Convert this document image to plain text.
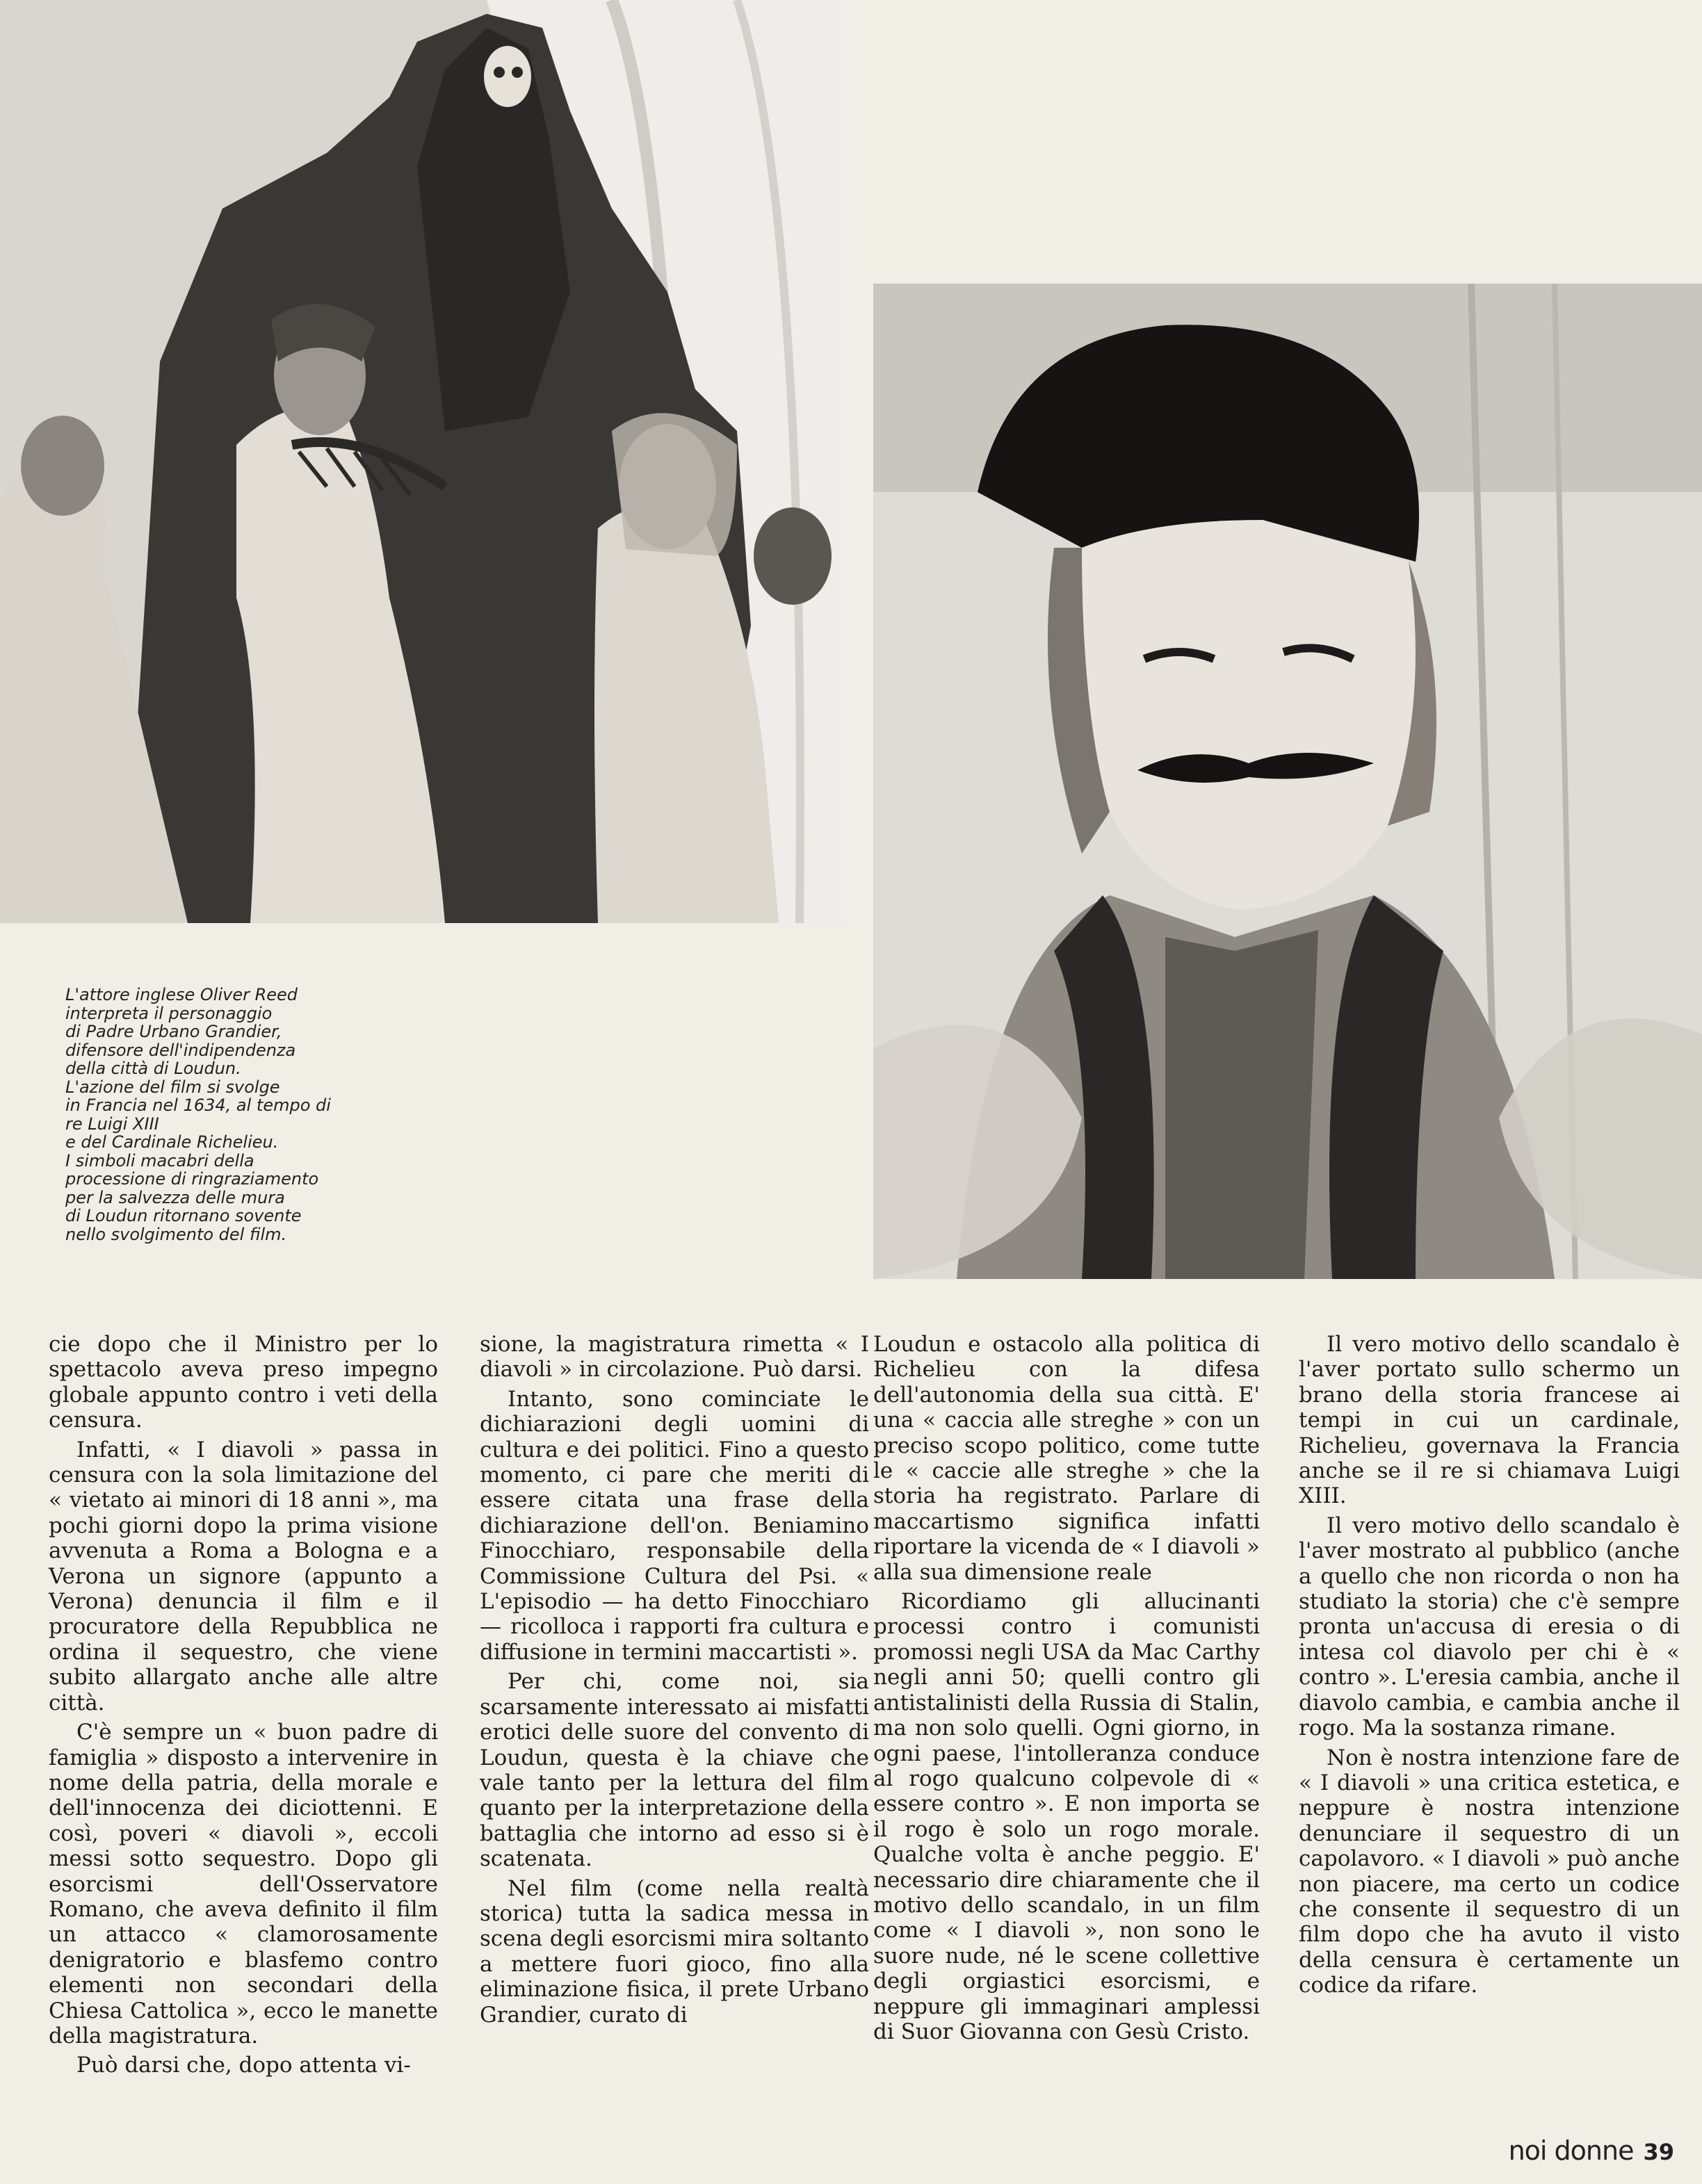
L'attore inglese Oliver Reed
interpreta il personaggio
di Padre Urbano Grandier,
difensore dell'indipendenza
della città di Loudun.
L'azione del film si svolge
in Francia nel 1634, al tempo di
re Luigi XIII
e del Cardinale Richelieu.
I simboli macabri della
processione di ringraziamento
per la salvezza delle mura
di Loudun ritornano sovente
nello svolgimento del film.

cie dopo che il Ministro per lo spettacolo aveva preso impegno globale appunto contro i veti della censura.

Infatti, « I diavoli » passa in censura con la sola limitazione del « vietato ai minori di 18 anni », ma pochi giorni dopo la prima visione avvenuta a Roma a Bologna e a Verona un signore (appunto a Verona) denuncia il film e il procuratore della Repubblica ne ordina il sequestro, che viene subito allargato anche alle altre città.

C'è sempre un « buon padre di famiglia » disposto a intervenire in nome della patria, della morale e dell'innocenza dei diciottenni. E così, poveri « diavoli », eccoli messi sotto sequestro. Dopo gli esorcismi dell'Osservatore Romano, che aveva definito il film un attacco « clamorosamente denigratorio e blasfemo contro elementi non secondari della Chiesa Cattolica », ecco le manette della magistratura.

Può darsi che, dopo attenta vi-

sione, la magistratura rimetta « I diavoli » in circolazione. Può darsi.

Intanto, sono cominciate le dichiarazioni degli uomini di cultura e dei politici. Fino a questo momento, ci pare che meriti di essere citata una frase della dichiarazione dell'on. Beniamino Finocchiaro, responsabile della Commissione Cultura del Psi. « L'episodio — ha detto Finocchiaro — ricolloca i rapporti fra cultura e diffusione in termini maccartisti ».

Per chi, come noi, sia scarsamente interessato ai misfatti erotici delle suore del convento di Loudun, questa è la chiave che vale tanto per la lettura del film quanto per la interpretazione della battaglia che intorno ad esso si è scatenata.

Nel film (come nella realtà storica) tutta la sadica messa in scena degli esorcismi mira soltanto a mettere fuori gioco, fino alla eliminazione fisica, il prete Urbano Grandier, curato di

Loudun e ostacolo alla politica di Richelieu con la difesa dell'autonomia della sua città. E' una « caccia alle streghe » con un preciso scopo politico, come tutte le « caccie alle streghe » che la storia ha registrato. Parlare di maccartismo significa infatti riportare la vicenda de « I diavoli » alla sua dimensione reale

Ricordiamo gli allucinanti processi contro i comunisti promossi negli USA da Mac Carthy negli anni 50; quelli contro gli antistalinisti della Russia di Stalin, ma non solo quelli. Ogni giorno, in ogni paese, l'intolleranza conduce al rogo qualcuno colpevole di « essere contro ». E non importa se il rogo è solo un rogo morale. Qualche volta è anche peggio. E' necessario dire chiaramente che il motivo dello scandalo, in un film come « I diavoli », non sono le suore nude, né le scene collettive degli orgiastici esorcismi, e neppure gli immaginari amplessi di Suor Giovanna con Gesù Cristo.

Il vero motivo dello scandalo è l'aver portato sullo schermo un brano della storia francese ai tempi in cui un cardinale, Richelieu, governava la Francia anche se il re si chiamava Luigi XIII.

Il vero motivo dello scandalo è l'aver mostrato al pubblico (anche a quello che non ricorda o non ha studiato la storia) che c'è sempre pronta un'accusa di eresia o di intesa col diavolo per chi è « contro ». L'eresia cambia, anche il diavolo cambia, e cambia anche il rogo. Ma la sostanza rimane.

Non è nostra intenzione fare de « I diavoli » una critica estetica, e neppure è nostra intenzione denunciare il sequestro di un capolavoro. « I diavoli » può anche non piacere, ma certo un codice che consente il sequestro di un film dopo che ha avuto il visto della censura è certamente un codice da rifare.

noi donne 39
